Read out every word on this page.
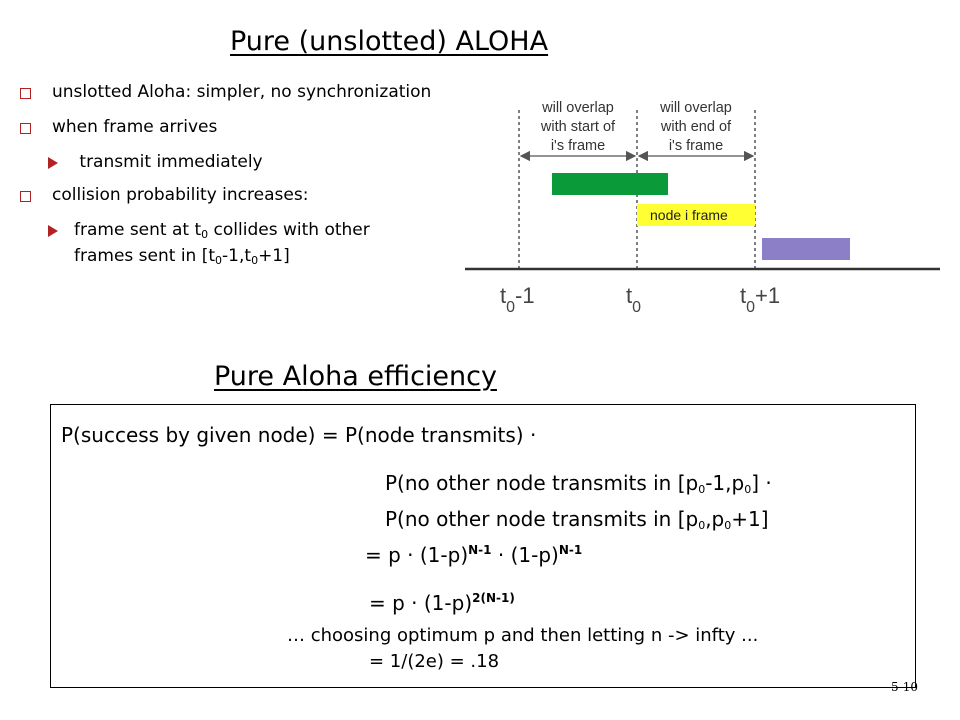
Pure (unslotted) ALOHA
unslotted Aloha: simpler, no synchronization
when frame arrives
transmit immediately
collision probability increases:
frame sent at $t_0$ collides with other
frames sent in $[t_0-1,t_0+1]$
will overlap
with start of
i's frame
will overlap
with end of
i's frame
node i frame
$t_0-1$	$t_0$	$t_0+1$
Pure Aloha efficiency
P(success by given node) = P(node transmits) ·
P(no other node transmits in $[p_0-1,p_0]$ ·
P(no other node transmits in $[p_0,p_0+1]$
= $p \cdot (1-p)^{N-1} \cdot (1-p)^{N-1}$
= $p \cdot (1-p)^{2(N-1)}$
… choosing optimum p and then letting n -> infty ...
= 1/(2e) = .18
5-10
